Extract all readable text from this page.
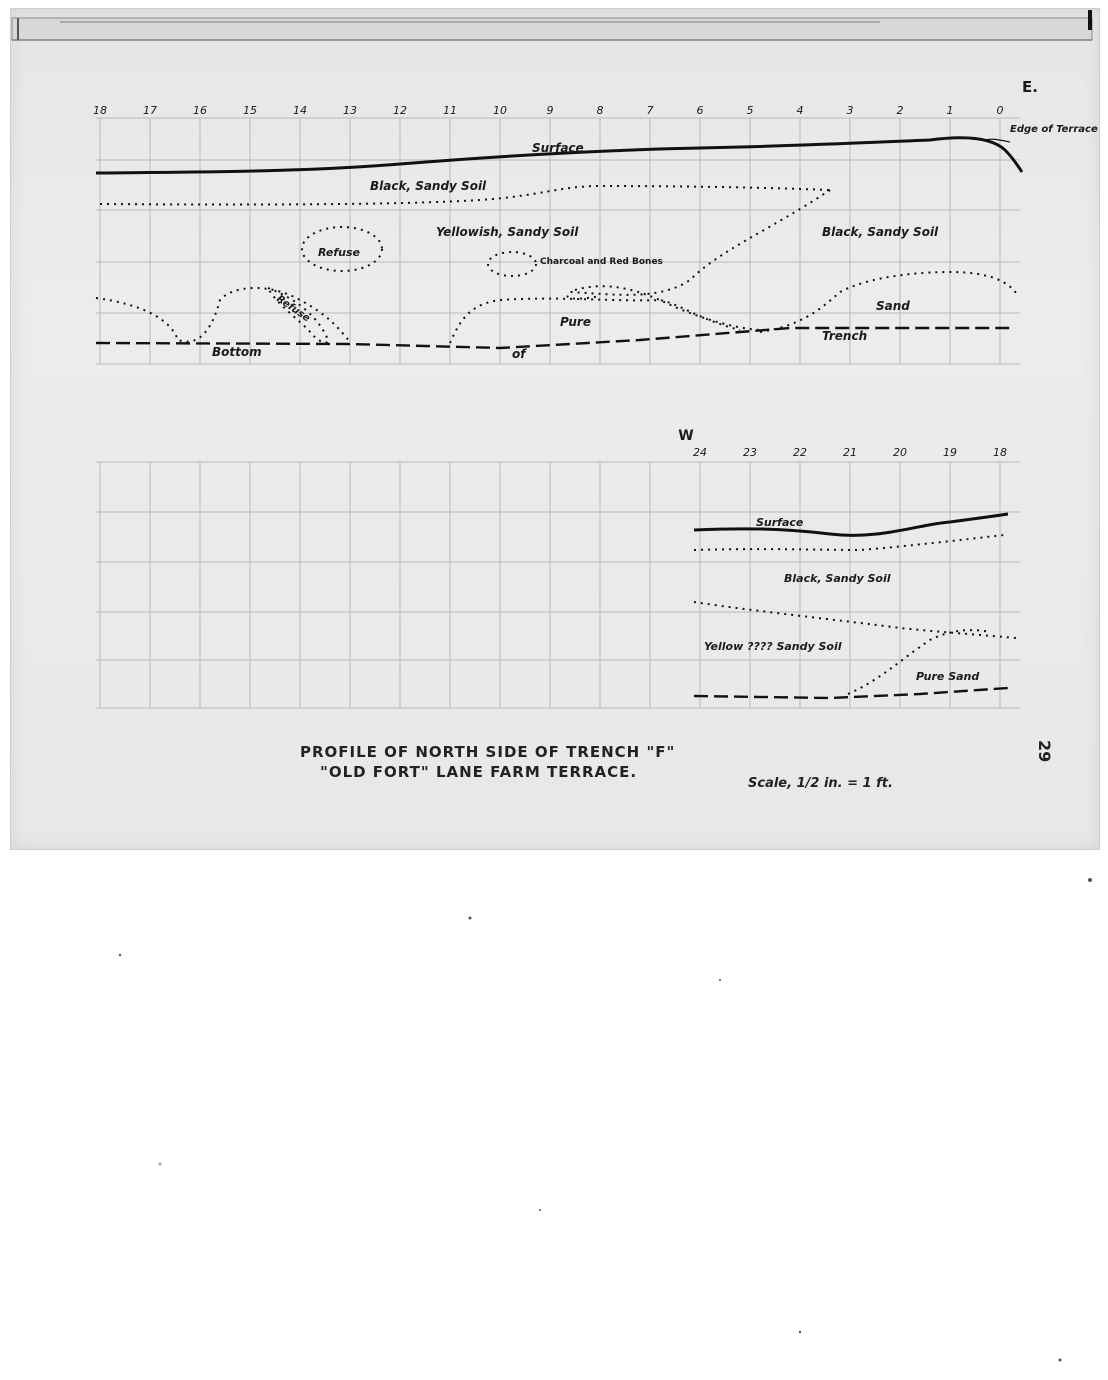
18	17	16	15	14	13	12	11	10	9	8	7	6	5	4	3	2	1	0
E.
24	23	22	21	20	19	18
W
Surface
Edge of Terrace
Black, Sandy Soil
Yellowish, Sandy Soil	Black, Sandy Soil
Refuse
Refuse
Charcoal and Red Bones
Pure
Sand
Bottom	of
Trench
Surface
Black, Sandy Soil
Yellow ???? Sandy Soil
Pure Sand
PROFILE OF NORTH SIDE OF TRENCH "F"
"OLD FORT" LANE FARM TERRACE.
Scale, 1/2 in. = 1 ft.
29
